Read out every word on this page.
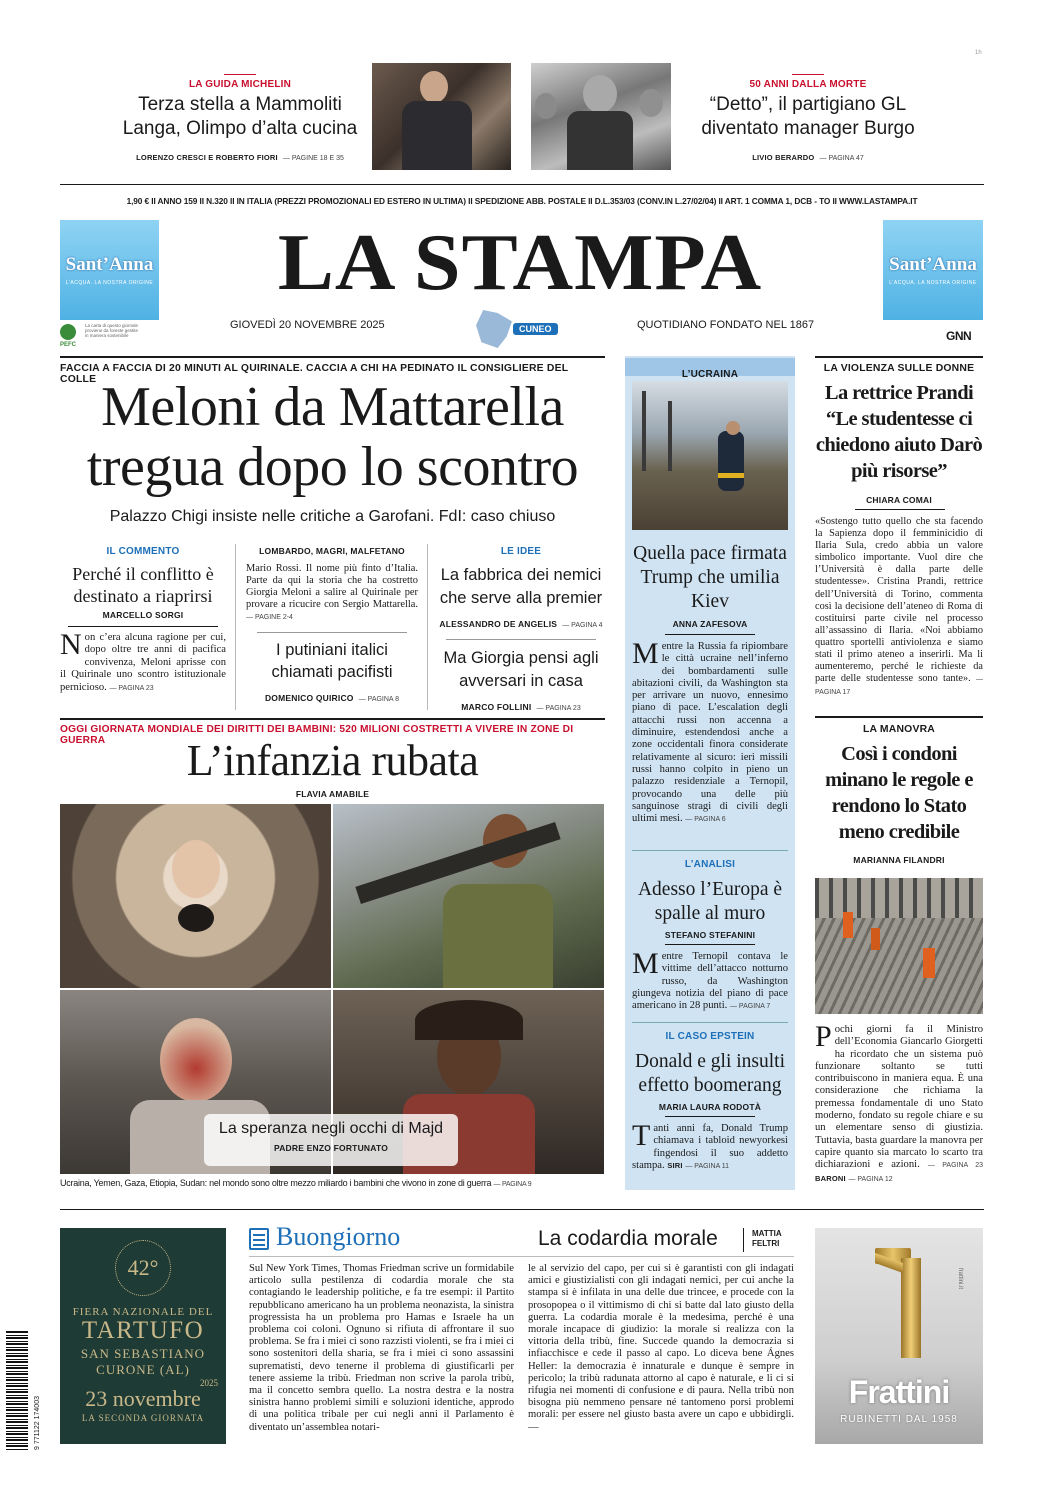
1h
LA GUIDA MICHELIN
Terza stella a Mammoliti
Langa, Olimpo d’alta cucina
LORENZO CRESCI E ROBERTO FIORI — PAGINE 18 E 35
50 ANNI DALLA MORTE
“Detto”, il partigiano GL
diventato manager Burgo
LIVIO BERARDO — PAGINA 47
1,90 € II ANNO 159 II N.320 II IN ITALIA (PREZZI PROMOZIONALI ED ESTERO IN ULTIMA) II SPEDIZIONE ABB. POSTALE II D.L.353/03 (CONV.IN L.27/02/04) II ART. 1 COMMA 1, DCB - TO II WWW.LASTAMPA.IT
Sant’Anna
L’ACQUA. LA NOSTRA ORIGINE
Sant’Anna
L’ACQUA. LA NOSTRA ORIGINE
LA STAMPA
PEFC
La carta di questo giornale proviene da foreste gestite in maniera sostenibile
GIOVEDÌ 20 NOVEMBRE 2025	CUNEO	QUOTIDIANO FONDATO NEL 1867
GNN
FACCIA A FACCIA DI 20 MINUTI AL QUIRINALE. CACCIA A CHI HA PEDINATO IL CONSIGLIERE DEL COLLE Meloni da Mattarella
tregua dopo lo scontro
Palazzo Chigi insiste nelle critiche a Garofani. FdI: caso chiuso
IL COMMENTO
Perché il conflitto è destinato a riaprirsi
MARCELLO SORGI
Non c’era alcuna ragione per cui, dopo oltre tre anni di pacifica convivenza, Meloni aprisse con il Quirinale uno scontro istituzionale pernicioso. — PAGINA 23
LOMBARDO, MAGRI, MALFETANO
Mario Rossi. Il nome più finto d’Italia. Parte da qui la storia che ha costretto Giorgia Meloni a salire al Quirinale per provare a ricucire con Sergio Mattarella. — PAGINE 2-4
I putiniani italici chiamati pacifisti
DOMENICO QUIRICO — PAGINA 8
LE IDEE
La fabbrica dei nemici che serve alla premier
ALESSANDRO DE ANGELIS — PAGINA 4
Ma Giorgia pensi agli avversari in casa
MARCO FOLLINI — PAGINA 23
OGGI GIORNATA MONDIALE DEI DIRITTI DEI BAMBINI: 520 MILIONI COSTRETTI A VIVERE IN ZONE DI GUERRA	L’infanzia rubata
FLAVIA AMABILE
La speranza negli occhi di Majd
PADRE ENZO FORTUNATO
Ucraina, Yemen, Gaza, Etiopia, Sudan: nel mondo sono oltre mezzo miliardo i bambini che vivono in zone di guerra — PAGINA 9
L’UCRAINA
Quella pace firmata Trump che umilia Kiev
ANNA ZAFESOVA
Mentre la Russia fa ripiombare le città ucraine nell’inferno dei bombardamenti sulle abitazioni civili, da Washington sta per arrivare un nuovo, ennesimo piano di pace. L’escalation degli attacchi russi non accenna a diminuire, estendendosi anche a zone occidentali finora considerate relativamente al sicuro: ieri missili russi hanno colpito in pieno un palazzo residenziale a Ternopil, provocando una delle più sanguinose stragi di civili degli ultimi mesi. — PAGINA 6
L’ANALISI
Adesso l’Europa è spalle al muro
STEFANO STEFANINI
Mentre Ternopil contava le vittime dell’attacco notturno russo, da Washington giungeva notizia del piano di pace americano in 28 punti. — PAGINA 7
IL CASO EPSTEIN
Donald e gli insulti effetto boomerang
MARIA LAURA RODOTÀ
Tanti anni fa, Donald Trump chiamava i tabloid newyorkesi fingendosi il suo addetto stampa. SIRI — PAGINA 11
LA VIOLENZA SULLE DONNE
La rettrice Prandi “Le studentesse ci chiedono aiuto Darò più risorse”
CHIARA COMAI
«Sostengo tutto quello che sta facendo la Sapienza dopo il femminicidio di Ilaria Sula, credo abbia un valore simbolico importante. Vuol dire che l’Università è dalla parte delle studentesse». Cristina Prandi, rettrice dell’Università di Torino, commenta così la decisione dell’ateneo di Roma di costituirsi parte civile nel processo all’assassino di Ilaria. «Noi abbiamo quattro sportelli antiviolenza e siamo stati il primo ateneo a inserirli. Ma li aumenteremo, perché le richieste da parte delle studentesse sono tante». — PAGINA 17
LA MANOVRA
Così i condoni minano le regole e rendono lo Stato meno credibile
MARIANNA FILANDRI
Pochi giorni fa il Ministro dell’Economia Giancarlo Giorgetti ha ricordato che un sistema può funzionare soltanto se tutti contribuiscono in maniera equa. È una considerazione che richiama la premessa fondamentale di uno Stato moderno, fondato su regole chiare e su un elementare senso di giustizia. Tuttavia, basta guardare la manovra per capire quanto sia marcato lo scarto tra dichiarazioni e azioni. — PAGINA 23 BARONI — PAGINA 12
9 771122 174003
42°
FIERA NAZIONALE DEL
TARTUFO
SAN SEBASTIANO
CURONE (AL)
2025
23 novembre
LA SECONDA GIORNATA
Buongiorno	La codardia morale	MATTIA
FELTRI
Sul New York Times, Thomas Friedman scrive un formidabile articolo sulla pestilenza di codardia morale che sta contagiando le leadership politiche, e fa tre esempi: il Partito repubblicano americano ha un problema neonazista, la sinistra progressista ha un problema pro Hamas e Israele ha un problema coi coloni. Ognuno si rifiuta di affrontare il suo problema. Se fra i miei ci sono razzisti violenti, se fra i miei ci sono sostenitori della sharia, se fra i miei ci sono assassini suprematisti, devo tenerne il problema di giustificarli per tenere assieme la tribù. Friedman non scrive la parola tribù, ma il concetto sembra quello. La nostra destra e la nostra sinistra hanno problemi simili e soluzioni identiche, approdo di una politica tribale per cui negli anni il Parlamento è diventato un’assemblea notari-
le al servizio del capo, per cui si è garantisti con gli indagati amici e giustizialisti con gli indagati nemici, per cui anche la stampa si è infilata in una delle due trincee, e procede con la prosopopea o il vittimismo di chi si batte dal lato giusto della guerra. La codardia morale è la medesima, perché è una morale incapace di giudizio: la morale si realizza con la vittoria della tribù, fine. Succede quando la democrazia si infiacchisce e cede il passo al capo. Lo diceva bene Ágnes Heller: la democrazia è innaturale e dunque è sempre in pericolo; la tribù radunata attorno al capo è naturale, e li ci si rifugia nei momenti di confusione e di paura. Nella tribù non bisogna più nemmeno pensare né tantomeno porsi problemi morali: per essere nel giusto basta avere un capo e ubbidirgli. —
Frattini
RUBINETTI DAL 1958
frattini.it
